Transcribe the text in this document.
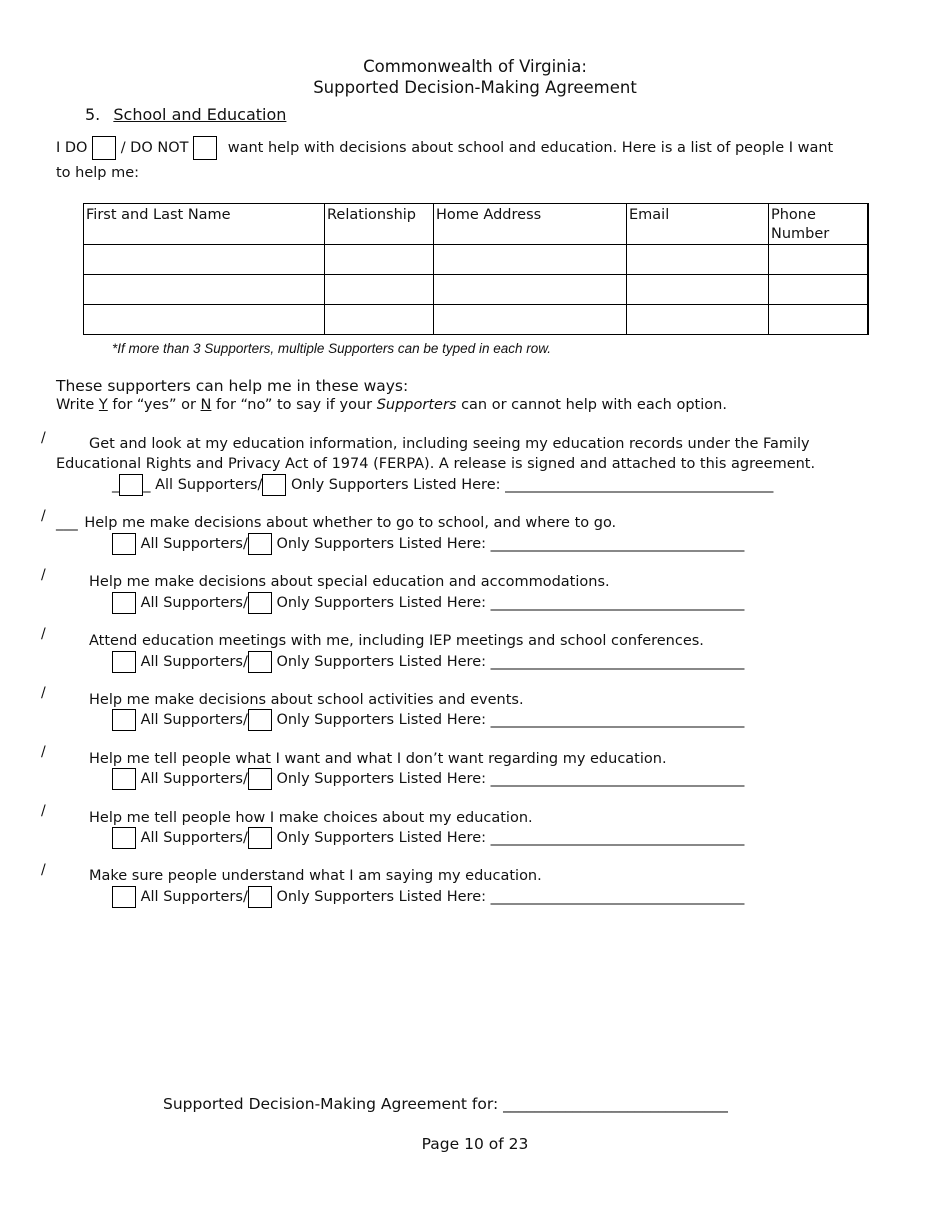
Commonwealth of Virginia:
Supported Decision-Making Agreement
5. School and Education
I DO / DO NOT	want help with decisions about school and education. Here is a list of people I want
to help me:
First and Last Name	Relationship	Home Address	Email	Phone
Number

*If more than 3 Supporters, multiple Supporters can be typed in each row.
These supporters can help me in these ways:
Write Y for “yes” or N for “no” to say if your Supporters can or cannot help with each option.
/	Get and look at my education information, including seeing my education records under the Family
Educational Rights and Privacy Act of 1974 (FERPA). A release is signed and attached to this agreement.
_ _ All Supporters/ Only Supporters Listed Here: _____________________________________
/ ___ Help me make decisions about whether to go to school, and where to go.
All Supporters/ Only Supporters Listed Here: ___________________________________
/	Help me make decisions about special education and accommodations.
All Supporters/ Only Supporters Listed Here: ___________________________________
/	Attend education meetings with me, including IEP meetings and school conferences.
All Supporters/ Only Supporters Listed Here: ___________________________________
/	Help me make decisions about school activities and events.
All Supporters/ Only Supporters Listed Here: ___________________________________
/	Help me tell people what I want and what I don’t want regarding my education.
All Supporters/ Only Supporters Listed Here: ___________________________________
/	Help me tell people how I make choices about my education.
All Supporters/ Only Supporters Listed Here: ___________________________________
/	Make sure people understand what I am saying my education.
All Supporters/ Only Supporters Listed Here: ___________________________________
Supported Decision-Making Agreement for: _____________________________
Page 10 of 23
